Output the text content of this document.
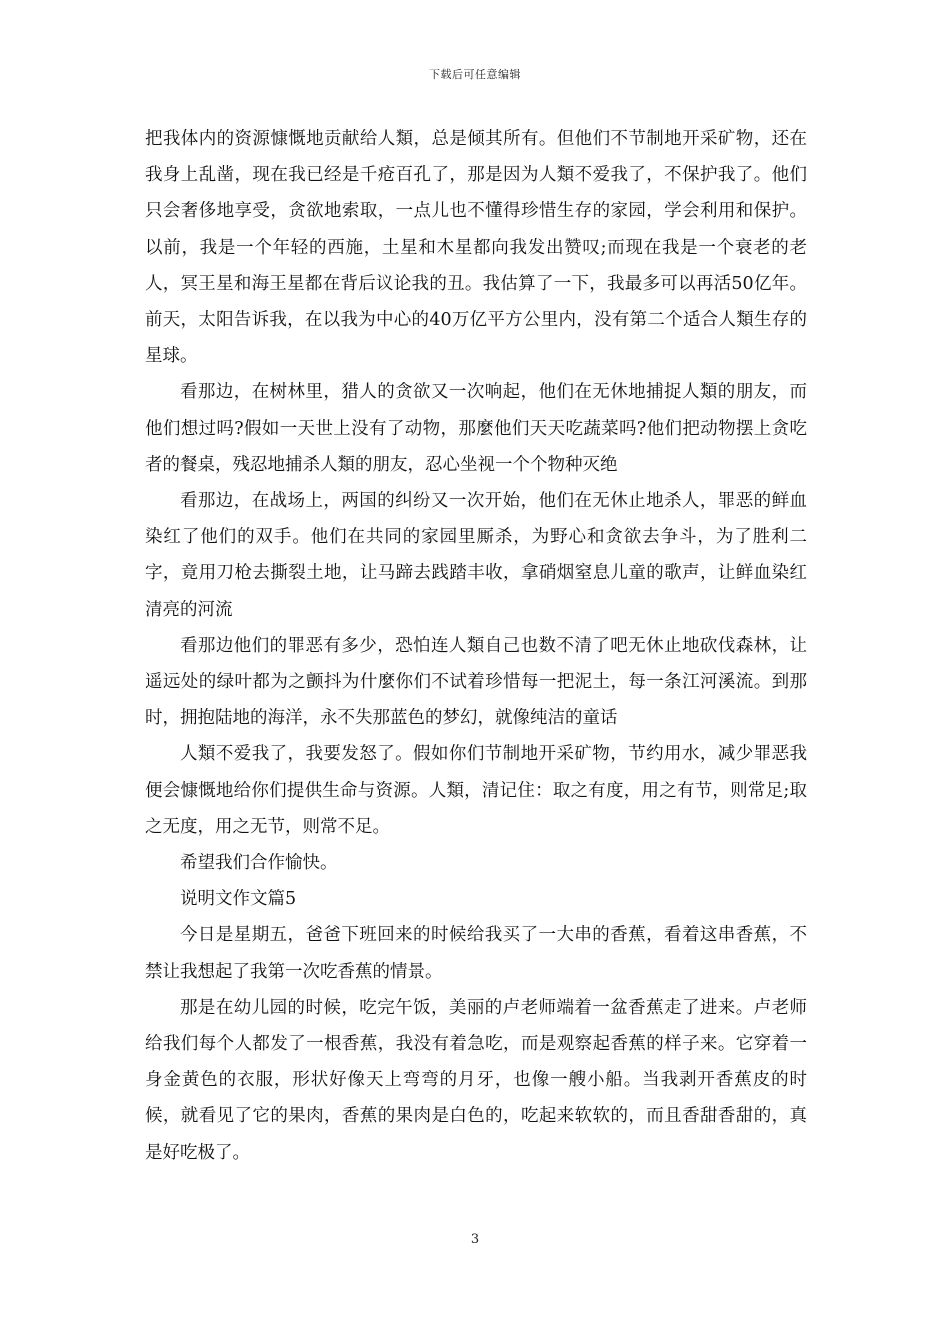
下载后可任意编辑

把我体内的资源慷慨地贡献给人類，总是倾其所有。但他们不节制地开采矿物，还在我身上乱凿，现在我已经是千疮百孔了，那是因为人類不爱我了，不保护我了。他们只会奢侈地享受，贪欲地索取，一点儿也不懂得珍惜生存的家园，学会利用和保护。以前，我是一个年轻的西施，土星和木星都向我发出赞叹;而现在我是一个衰老的老人，冥王星和海王星都在背后议论我的丑。我估算了一下，我最多可以再活50亿年。前天，太阳告诉我，在以我为中心的40万亿平方公里内，没有第二个适合人類生存的星球。

看那边，在树林里，猎人的贪欲又一次响起，他们在无休地捕捉人類的朋友，而他们想过吗?假如一天世上没有了动物，那麼他们天天吃蔬菜吗?他们把动物摆上贪吃者的餐桌，残忍地捕杀人類的朋友，忍心坐视一个个物种灭绝

看那边，在战场上，两国的纠纷又一次开始，他们在无休止地杀人，罪恶的鲜血染红了他们的双手。他们在共同的家园里厮杀，为野心和贪欲去争斗，为了胜利二字，竟用刀枪去撕裂土地，让马蹄去践踏丰收，拿硝烟窒息儿童的歌声，让鲜血染红清亮的河流

看那边他们的罪恶有多少，恐怕连人類自己也数不清了吧无休止地砍伐森林，让遥远处的绿叶都为之颤抖为什麼你们不试着珍惜每一把泥土，每一条江河溪流。到那时，拥抱陆地的海洋，永不失那蓝色的梦幻，就像纯洁的童话

人類不爱我了，我要发怒了。假如你们节制地开采矿物，节约用水，减少罪恶我便会慷慨地给你们提供生命与资源。人類，清记住：取之有度，用之有节，则常足;取之无度，用之无节，则常不足。

希望我们合作愉快。

说明文作文篇5

今日是星期五，爸爸下班回来的时候给我买了一大串的香蕉，看着这串香蕉，不禁让我想起了我第一次吃香蕉的情景。

那是在幼儿园的时候，吃完午饭，美丽的卢老师端着一盆香蕉走了进来。卢老师给我们每个人都发了一根香蕉，我没有着急吃，而是观察起香蕉的样子来。它穿着一身金黄色的衣服，形状好像天上弯弯的月牙，也像一艘小船。当我剥开香蕉皮的时候，就看见了它的果肉，香蕉的果肉是白色的，吃起来软软的，而且香甜香甜的，真是好吃极了。

3
